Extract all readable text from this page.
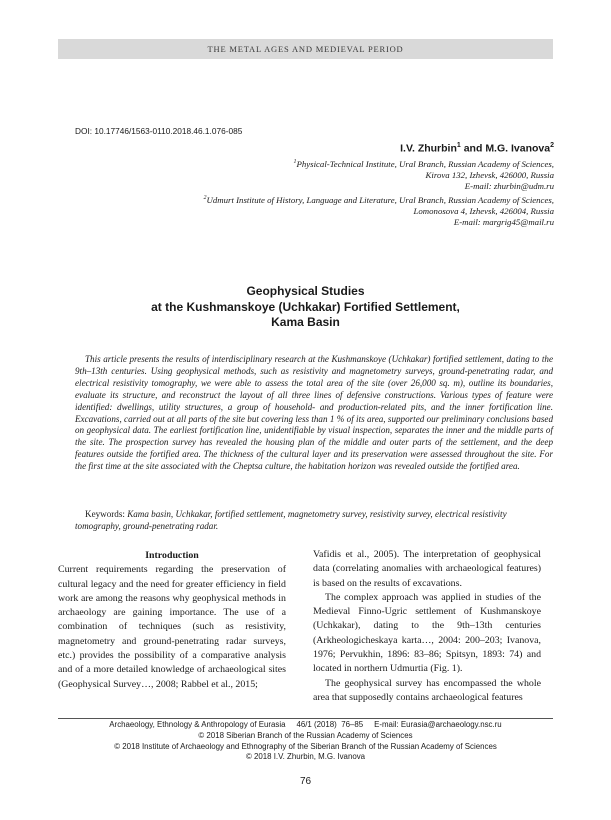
THE METAL AGES AND MEDIEVAL PERIOD
DOI: 10.17746/1563-0110.2018.46.1.076-085
I.V. Zhurbin$^1$ and M.G. Ivanova$^2$
$^1$Physical-Technical Institute, Ural Branch, Russian Academy of Sciences,
Kirova 132, Izhevsk, 426000, Russia
E-mail: zhurbin@udm.ru
$^2$Udmurt Institute of History, Language and Literature, Ural Branch, Russian Academy of Sciences,
Lomonosova 4, Izhevsk, 426004, Russia
E-mail: margrig45@mail.ru
Geophysical Studies
at the Kushmanskoye (Uchkakar) Fortified Settlement,
Kama Basin
This article presents the results of interdisciplinary research at the Kushmanskoye (Uchkakar) fortified settlement, dating to the 9th–13th centuries. Using geophysical methods, such as resistivity and magnetometry surveys, ground-penetrating radar, and electrical resistivity tomography, we were able to assess the total area of the site (over 26,000 sq. m), outline its boundaries, evaluate its structure, and reconstruct the layout of all three lines of defensive constructions. Various types of feature were identified: dwellings, utility structures, a group of household- and production-related pits, and the inner fortification line. Excavations, carried out at all parts of the site but covering less than 1 % of its area, supported our preliminary conclusions based on geophysical data. The earliest fortification line, unidentifiable by visual inspection, separates the inner and the middle parts of the site. The prospection survey has revealed the housing plan of the middle and outer parts of the settlement, and the deep features outside the fortified area. The thickness of the cultural layer and its preservation were assessed throughout the site. For the first time at the site associated with the Cheptsa culture, the habitation horizon was revealed outside the fortified area.
Keywords: Kama basin, Uchkakar, fortified settlement, magnetometry survey, resistivity survey, electrical resistivity tomography, ground-penetrating radar.

Introduction

Current requirements regarding the preservation of cultural legacy and the need for greater efficiency in field work are among the reasons why geophysical methods in archaeology are gaining importance. The use of a combination of techniques (such as resistivity, magnetometry and ground-penetrating radar surveys, etc.) provides the possibility of a comparative analysis and of a more detailed knowledge of archaeological sites (Geophysical Survey…, 2008; Rabbel et al., 2015;

Vafidis et al., 2005). The interpretation of geophysical data (correlating anomalies with archaeological features) is based on the results of excavations.

The complex approach was applied in studies of the Medieval Finno-Ugric settlement of Kushmanskoye (Uchkakar), dating to the 9th–13th centuries (Arkheologicheskaya karta…, 2004: 200–203; Ivanova, 1976; Pervukhin, 1896: 83–86; Spitsyn, 1893: 74) and located in northern Udmurtia (Fig. 1).

The geophysical survey has encompassed the whole area that supposedly contains archaeological features

Archaeology, Ethnology & Anthropology of Eurasia     46/1 (2018)  76–85     E-mail: Eurasia@archaeology.nsc.ru
© 2018 Siberian Branch of the Russian Academy of Sciences
© 2018 Institute of Archaeology and Ethnography of the Siberian Branch of the Russian Academy of Sciences
© 2018 I.V. Zhurbin, M.G. Ivanova
76
